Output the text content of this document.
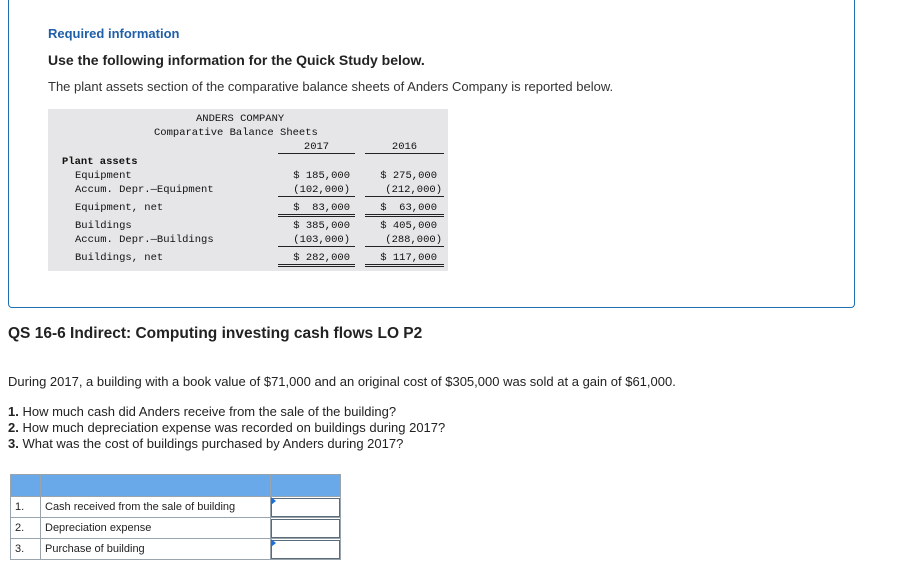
Required information
Use the following information for the Quick Study below.
The plant assets section of the comparative balance sheets of Anders Company is reported below.
ANDERS COMPANY
Comparative Balance Sheets
2017	2016
Plant assets
Equipment	$ 185,000	$ 275,000
Accum. Depr.—Equipment	(102,000)	(212,000)
Equipment, net	$  83,000	$  63,000
Buildings	$ 385,000	$ 405,000
Accum. Depr.—Buildings	(103,000)	(288,000)
Buildings, net	$ 282,000	$ 117,000
QS 16-6 Indirect: Computing investing cash flows LO P2
During 2017, a building with a book value of $71,000 and an original cost of $305,000 was sold at a gain of $61,000.
1. How much cash did Anders receive from the sale of the building?
2. How much depreciation expense was recorded on buildings during 2017?
3. What was the cost of buildings purchased by Anders during 2017?

1.	Cash received from the sale of building	

2.	Depreciation expense	
3.	Purchase of building	
